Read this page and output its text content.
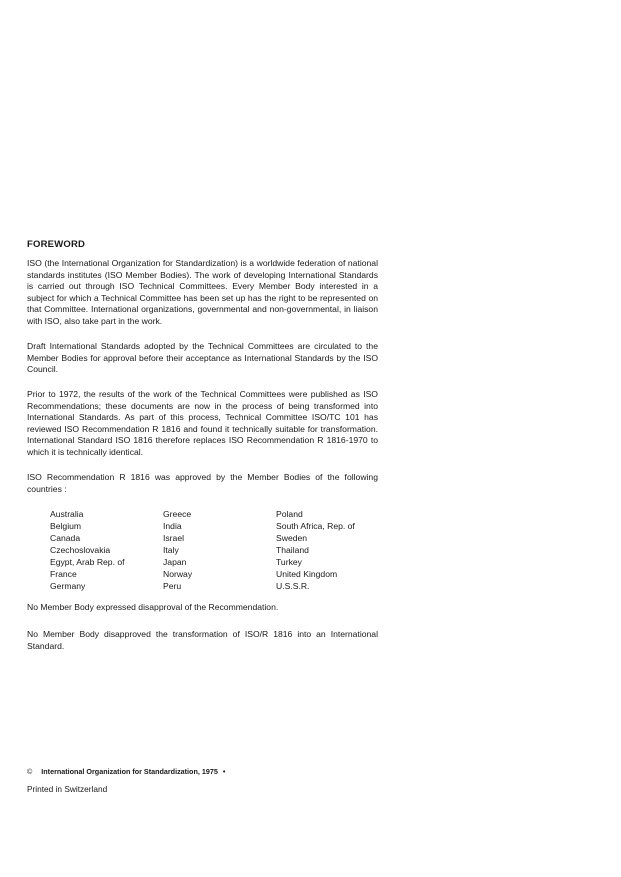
FOREWORD

ISO (the International Organization for Standardization) is a worldwide federation of national standards institutes (ISO Member Bodies). The work of developing International Standards is carried out through ISO Technical Committees. Every Member Body interested in a subject for which a Technical Committee has been set up has the right to be represented on that Committee. International organizations, governmental and non-governmental, in liaison with ISO, also take part in the work.

Draft International Standards adopted by the Technical Committees are circulated to the Member Bodies for approval before their acceptance as International Standards by the ISO Council.

Prior to 1972, the results of the work of the Technical Committees were published as ISO Recommendations; these documents are now in the process of being transformed into International Standards. As part of this process, Technical Committee ISO/TC 101 has reviewed ISO Recommendation R 1816 and found it technically suitable for transformation. International Standard ISO 1816 therefore replaces ISO Recommendation R 1816-1970 to which it is technically identical.

ISO Recommendation R 1816 was approved by the Member Bodies of the following countries :

Australia
Belgium
Canada
Czechoslovakia
Egypt, Arab Rep. of
France
Germany
Greece
India
Israel
Italy
Japan
Norway
Peru
Poland
South Africa, Rep. of
Sweden
Thailand
Turkey
United Kingdom
U.S.S.R.

No Member Body expressed disapproval of the Recommendation.

No Member Body disapproved the transformation of ISO/R 1816 into an International Standard.

© International Organization for Standardization, 1975 •
Printed in Switzerland
